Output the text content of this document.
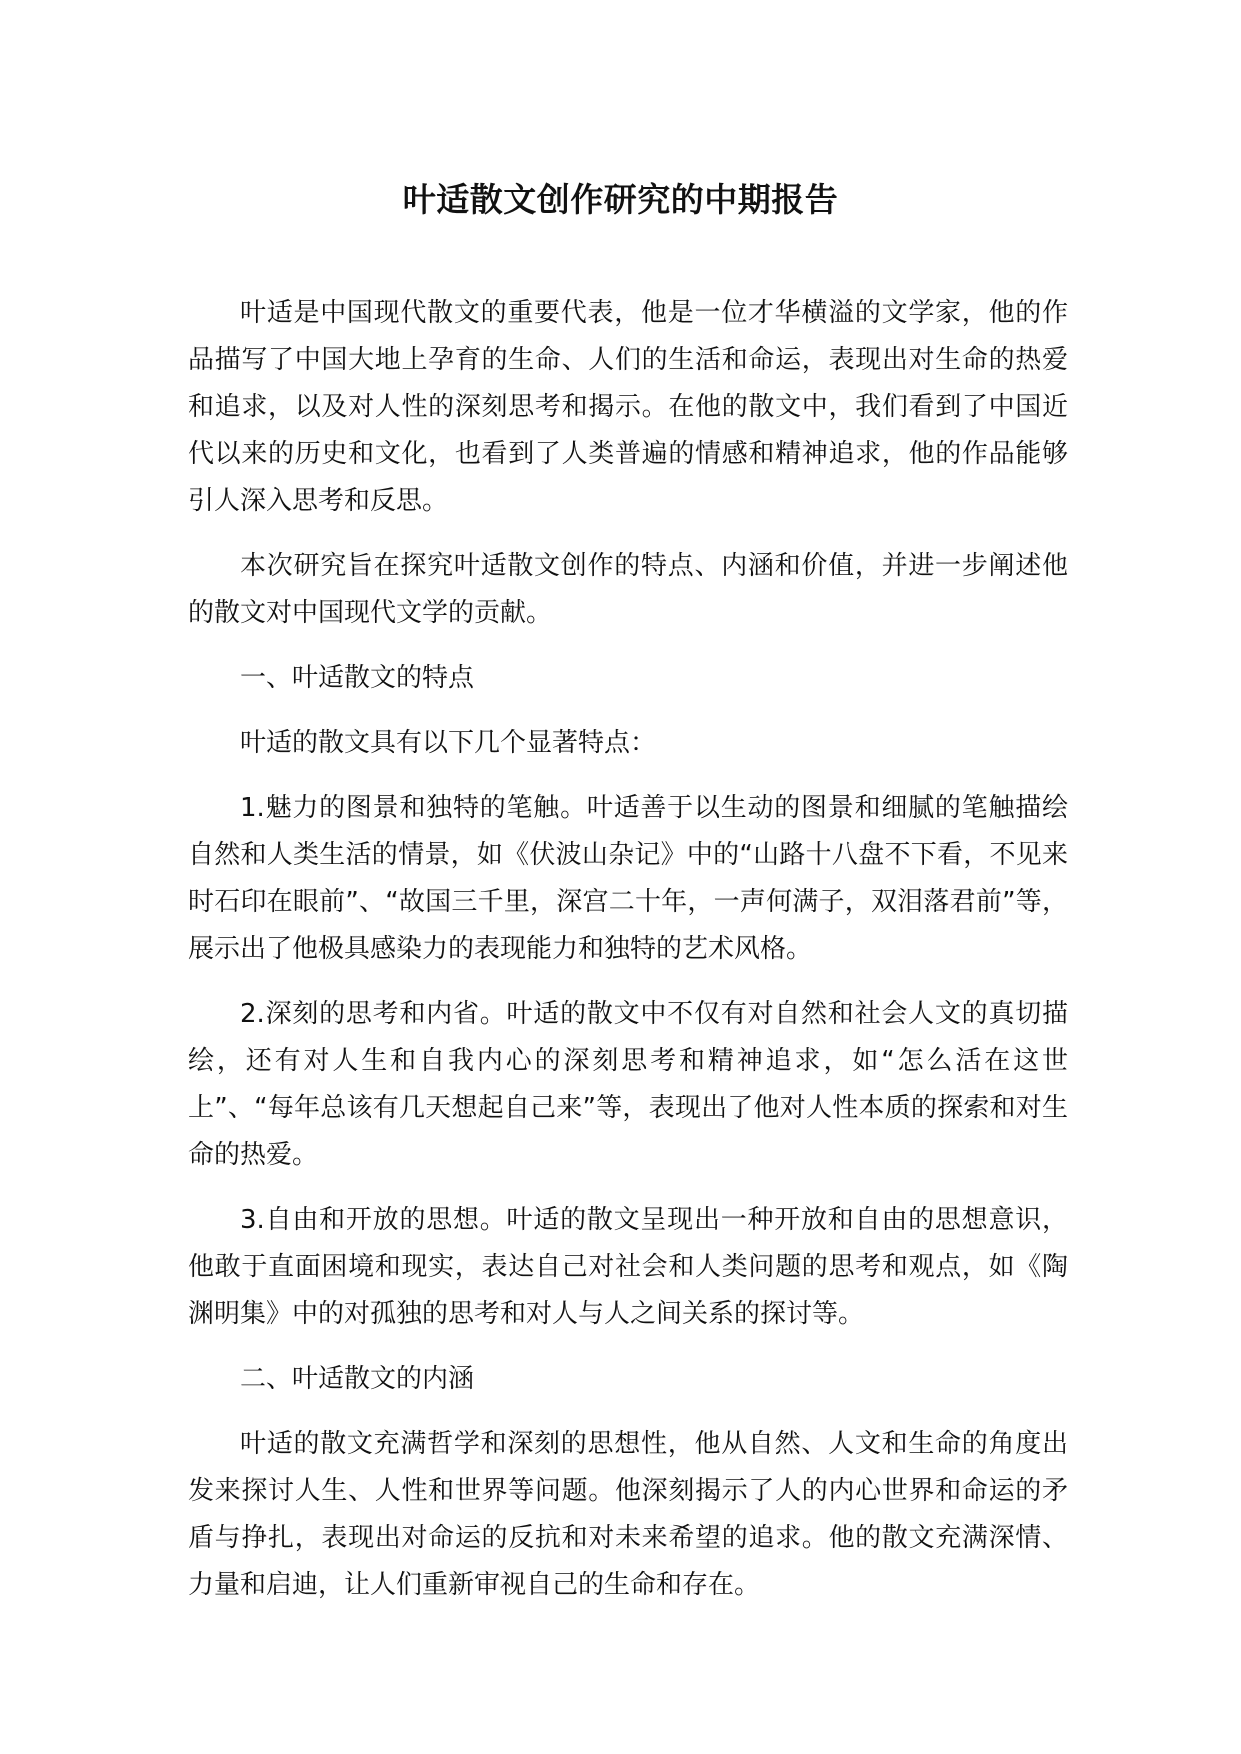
叶适散文创作研究的中期报告

叶适是中国现代散文的重要代表，他是一位才华横溢的文学家，他的作品描写了中国大地上孕育的生命、人们的生活和命运，表现出对生命的热爱和追求，以及对人性的深刻思考和揭示。在他的散文中，我们看到了中国近代以来的历史和文化，也看到了人类普遍的情感和精神追求，他的作品能够引人深入思考和反思。

本次研究旨在探究叶适散文创作的特点、内涵和价值，并进一步阐述他的散文对中国现代文学的贡献。

一、叶适散文的特点

叶适的散文具有以下几个显著特点：

1.魅力的图景和独特的笔触。叶适善于以生动的图景和细腻的笔触描绘自然和人类生活的情景，如《伏波山杂记》中的“山路十八盘不下看，不见来时石印在眼前”、“故国三千里，深宫二十年，一声何满子，双泪落君前”等，展示出了他极具感染力的表现能力和独特的艺术风格。

2.深刻的思考和内省。叶适的散文中不仅有对自然和社会人文的真切描绘，还有对人生和自我内心的深刻思考和精神追求，如“怎么活在这世上”、“每年总该有几天想起自己来”等，表现出了他对人性本质的探索和对生命的热爱。

3.自由和开放的思想。叶适的散文呈现出一种开放和自由的思想意识，他敢于直面困境和现实，表达自己对社会和人类问题的思考和观点，如《陶渊明集》中的对孤独的思考和对人与人之间关系的探讨等。

二、叶适散文的内涵

叶适的散文充满哲学和深刻的思想性，他从自然、人文和生命的角度出发来探讨人生、人性和世界等问题。他深刻揭示了人的内心世界和命运的矛盾与挣扎，表现出对命运的反抗和对未来希望的追求。他的散文充满深情、力量和启迪，让人们重新审视自己的生命和存在。
